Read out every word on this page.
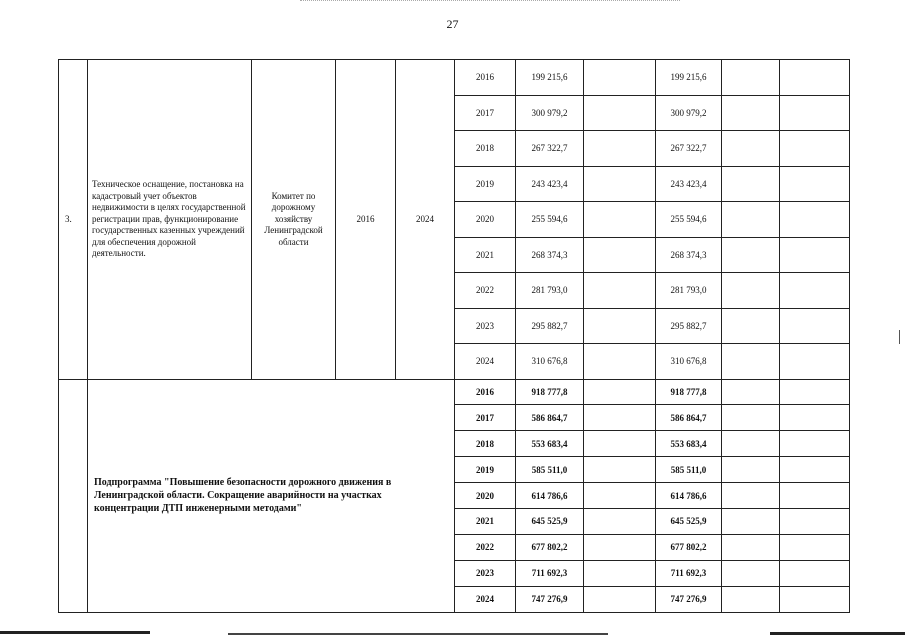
27
3.	Техническое оснащение, постановка на кадастровый учет объектов недвижимости в целях государственной регистрации прав, функционирование государственных казенных учреждений для обеспечения дорожной деятельности.	Комитет по дорожному хозяйству Ленинградской области	2016	2024	2016	199 215,6		199 215,6		
					2017	300 979,2		300 979,2		
					2018	267 322,7		267 322,7		
					2019	243 423,4		243 423,4		
					2020	255 594,6		255 594,6		
					2021	268 374,3		268 374,3		
					2022	281 793,0		281 793,0		
					2023	295 882,7		295 882,7		
					2024	310 676,8		310 676,8		
	Подпрограмма "Повышение безопасности дорожного движения в Ленинградской области. Сокращение аварийности на участках концентрации ДТП инженерными методами"				2016	918 777,8		918 777,8		
					2017	586 864,7		586 864,7		
					2018	553 683,4		553 683,4		
					2019	585 511,0		585 511,0		
					2020	614 786,6		614 786,6		
					2021	645 525,9		645 525,9		
					2022	677 802,2		677 802,2		
					2023	711 692,3		711 692,3		
					2024	747 276,9		747 276,9		
